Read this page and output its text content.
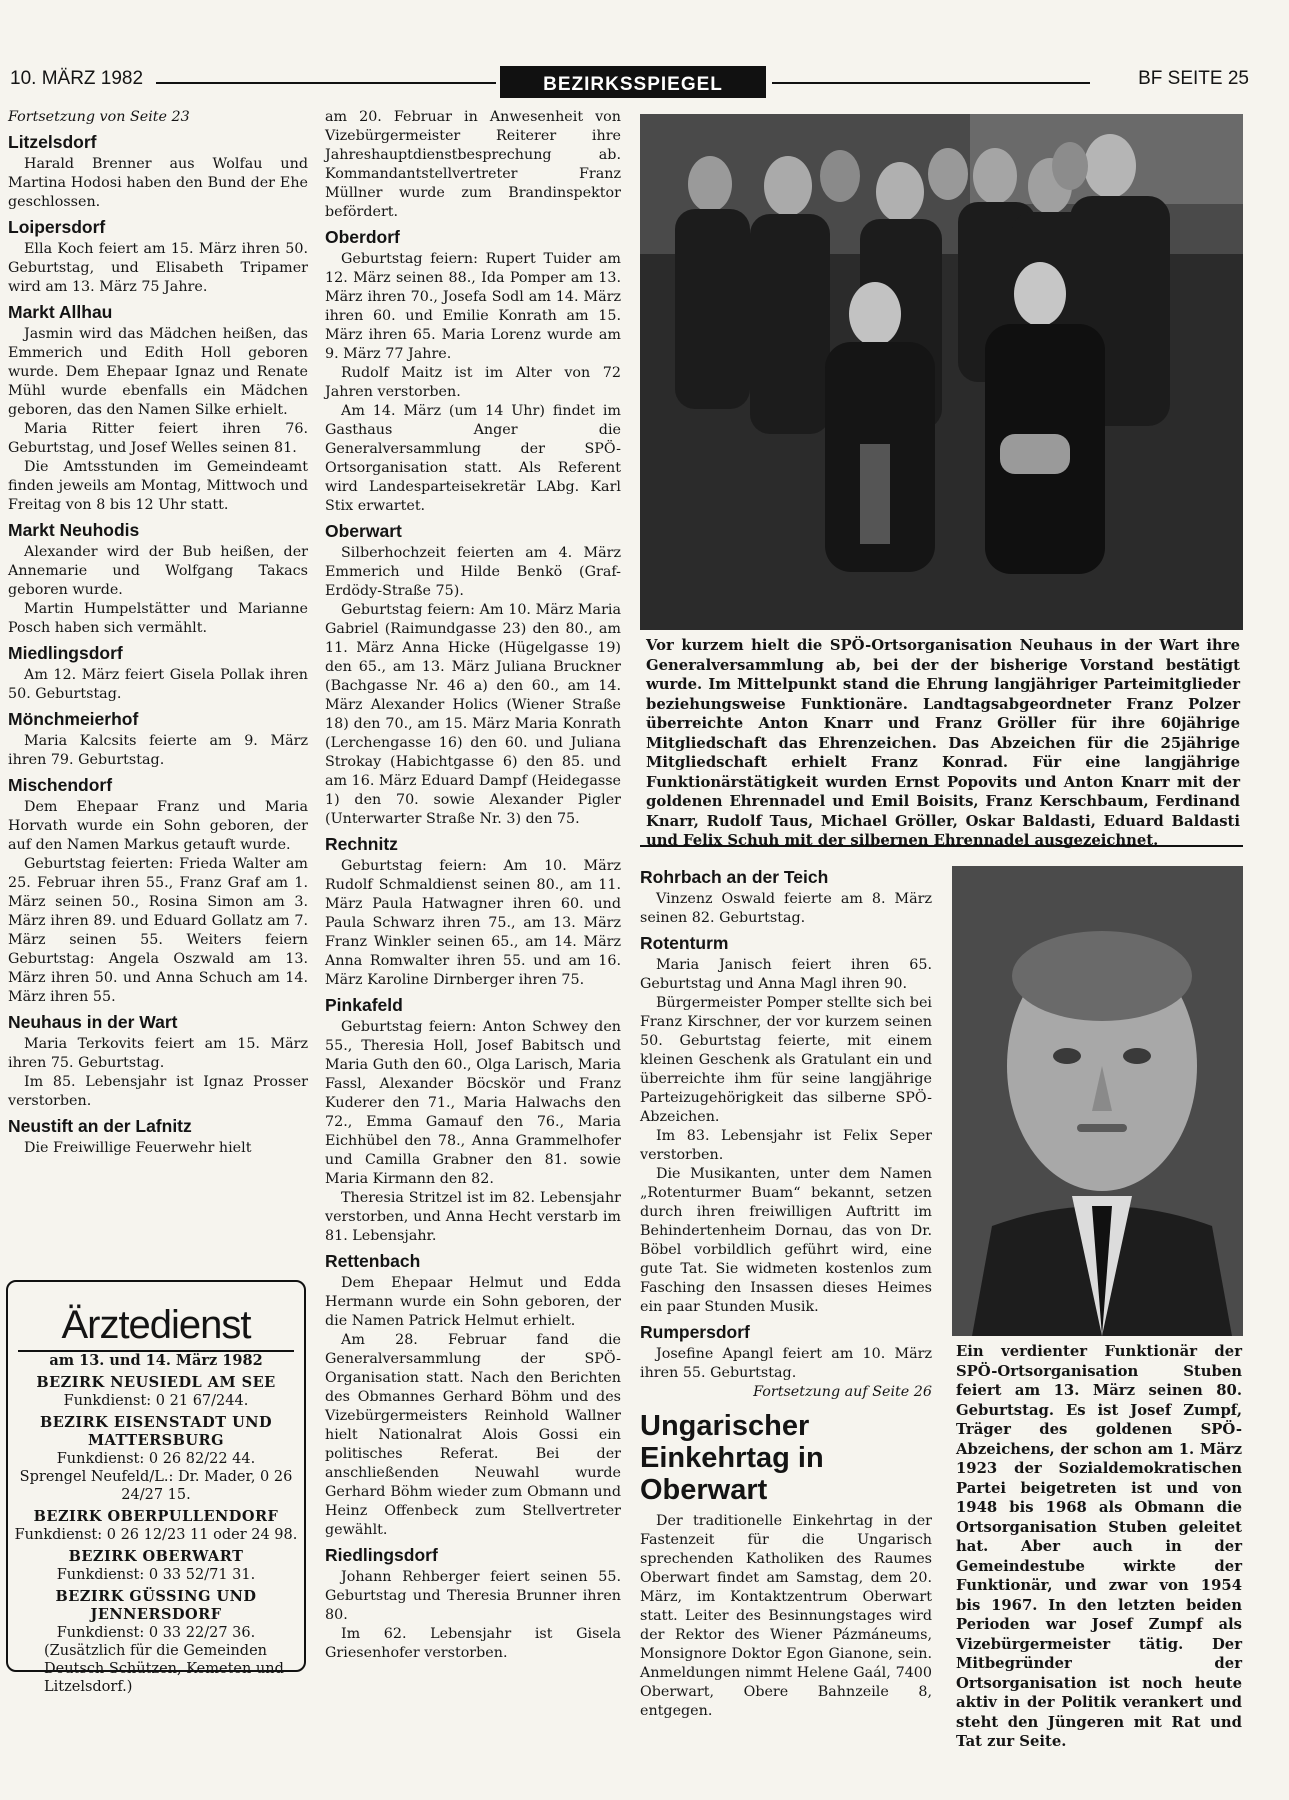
10. MÄRZ 1982	BEZIRKSSPIEGEL	BF SEITE 25

Fortsetzung von Seite 23

Litzelsdorf

Harald Brenner aus Wolfau und Martina Hodosi haben den Bund der Ehe geschlossen.

Loipersdorf

Ella Koch feiert am 15. März ihren 50. Geburtstag, und Elisabeth Tripamer wird am 13. März 75 Jahre.

Markt Allhau

Jasmin wird das Mädchen heißen, das Emmerich und Edith Holl geboren wurde. Dem Ehepaar Ignaz und Renate Mühl wurde ebenfalls ein Mädchen geboren, das den Namen Silke erhielt.

Maria Ritter feiert ihren 76. Geburtstag, und Josef Welles seinen 81.

Die Amtsstunden im Gemeindeamt finden jeweils am Montag, Mittwoch und Freitag von 8 bis 12 Uhr statt.

Markt Neuhodis

Alexander wird der Bub heißen, der Annemarie und Wolfgang Takacs geboren wurde.

Martin Humpelstätter und Marianne Posch haben sich vermählt.

Miedlingsdorf

Am 12. März feiert Gisela Pollak ihren 50. Geburtstag.

Mönchmeierhof

Maria Kalcsits feierte am 9. März ihren 79. Geburtstag.

Mischendorf

Dem Ehepaar Franz und Maria Horvath wurde ein Sohn geboren, der auf den Namen Markus getauft wurde.

Geburtstag feierten: Frieda Walter am 25. Februar ihren 55., Franz Graf am 1. März seinen 50., Rosina Simon am 3. März ihren 89. und Eduard Gollatz am 7. März seinen 55. Weiters feiern Geburtstag: Angela Oszwald am 13. März ihren 50. und Anna Schuch am 14. März ihren 55.

Neuhaus in der Wart

Maria Terkovits feiert am 15. März ihren 75. Geburtstag.

Im 85. Lebensjahr ist Ignaz Prosser verstorben.

Neustift an der Lafnitz

Die Freiwillige Feuerwehr hielt

am 20. Februar in Anwesenheit von Vizebürgermeister Reiterer ihre Jahreshauptdienstbesprechung ab. Kommandantstellvertreter Franz Müllner wurde zum Brandinspektor befördert.

Oberdorf

Geburtstag feiern: Rupert Tuider am 12. März seinen 88., Ida Pomper am 13. März ihren 70., Josefa Sodl am 14. März ihren 60. und Emilie Konrath am 15. März ihren 65. Maria Lorenz wurde am 9. März 77 Jahre.

Rudolf Maitz ist im Alter von 72 Jahren verstorben.

Am 14. März (um 14 Uhr) findet im Gasthaus Anger die Generalversammlung der SPÖ-Ortsorganisation statt. Als Referent wird Landesparteisekretär LAbg. Karl Stix erwartet.

Oberwart

Silberhochzeit feierten am 4. März Emmerich und Hilde Benkö (Graf-Erdödy-Straße 75).

Geburtstag feiern: Am 10. März Maria Gabriel (Raimundgasse 23) den 80., am 11. März Anna Hicke (Hügelgasse 19) den 65., am 13. März Juliana Bruckner (Bachgasse Nr. 46 a) den 60., am 14. März Alexander Holics (Wiener Straße 18) den 70., am 15. März Maria Konrath (Lerchengasse 16) den 60. und Juliana Strokay (Habichtgasse 6) den 85. und am 16. März Eduard Dampf (Heidegasse 1) den 70. sowie Alexander Pigler (Unterwarter Straße Nr. 3) den 75.

Rechnitz

Geburtstag feiern: Am 10. März Rudolf Schmaldienst seinen 80., am 11. März Paula Hatwagner ihren 60. und Paula Schwarz ihren 75., am 13. März Franz Winkler seinen 65., am 14. März Anna Romwalter ihren 55. und am 16. März Karoline Dirnberger ihren 75.

Pinkafeld

Geburtstag feiern: Anton Schwey den 55., Theresia Holl, Josef Babitsch und Maria Guth den 60., Olga Larisch, Maria Fassl, Alexander Böcskör und Franz Kuderer den 71., Maria Halwachs den 72., Emma Gamauf den 76., Maria Eichhübel den 78., Anna Grammelhofer und Camilla Grabner den 81. sowie Maria Kirmann den 82.

Theresia Stritzel ist im 82. Lebensjahr verstorben, und Anna Hecht verstarb im 81. Lebensjahr.

Rettenbach

Dem Ehepaar Helmut und Edda Hermann wurde ein Sohn geboren, der die Namen Patrick Helmut erhielt.

Am 28. Februar fand die Generalversammlung der SPÖ-Organisation statt. Nach den Berichten des Obmannes Gerhard Böhm und des Vizebürgermeisters Reinhold Wallner hielt Nationalrat Alois Gossi ein politisches Referat. Bei der anschließenden Neuwahl wurde Gerhard Böhm wieder zum Obmann und Heinz Offenbeck zum Stellvertreter gewählt.

Riedlingsdorf

Johann Rehberger feiert seinen 55. Geburtstag und Theresia Brunner ihren 80.

Im 62. Lebensjahr ist Gisela Griesenhofer verstorben.

Vor kurzem hielt die SPÖ-Ortsorganisation Neuhaus in der Wart ihre Generalversammlung ab, bei der der bisherige Vorstand bestätigt wurde. Im Mittelpunkt stand die Ehrung langjähriger Parteimitglieder beziehungsweise Funktionäre. Landtagsabgeordneter Franz Polzer überreichte Anton Knarr und Franz Gröller für ihre 60jährige Mitgliedschaft das Ehrenzeichen. Das Abzeichen für die 25jährige Mitgliedschaft erhielt Franz Konrad. Für eine langjährige Funktionärstätigkeit wurden Ernst Popovits und Anton Knarr mit der goldenen Ehrennadel und Emil Boisits, Franz Kerschbaum, Ferdinand Knarr, Rudolf Taus, Michael Gröller, Oskar Baldasti, Eduard Baldasti und Felix Schuh mit der silbernen Ehrennadel ausgezeichnet.
Rohrbach an der Teich

Vinzenz Oswald feierte am 8. März seinen 82. Geburtstag.

Rotenturm

Maria Janisch feiert ihren 65. Geburtstag und Anna Magl ihren 90.

Bürgermeister Pomper stellte sich bei Franz Kirschner, der vor kurzem seinen 50. Geburtstag feierte, mit einem kleinen Geschenk als Gratulant ein und überreichte ihm für seine langjährige Parteizugehörigkeit das silberne SPÖ-Abzeichen.

Im 83. Lebensjahr ist Felix Seper verstorben.

Die Musikanten, unter dem Namen „Rotenturmer Buam“ bekannt, setzen durch ihren freiwilligen Auftritt im Behindertenheim Dornau, das von Dr. Böbel vorbildlich geführt wird, eine gute Tat. Sie widmeten kostenlos zum Fasching den Insassen dieses Heimes ein paar Stunden Musik.

Rumpersdorf

Josefine Apangl feiert am 10. März ihren 55. Geburtstag.

Fortsetzung auf Seite 26

Ungarischer Einkehrtag in Oberwart

Der traditionelle Einkehrtag in der Fastenzeit für die Ungarisch sprechenden Katholiken des Raumes Oberwart findet am Samstag, dem 20. März, im Kontaktzentrum Oberwart statt. Leiter des Besinnungstages wird der Rektor des Wiener Pázmáneums, Monsignore Doktor Egon Gianone, sein. Anmeldungen nimmt Helene Gaál, 7400 Oberwart, Obere Bahnzeile 8, entgegen.

Ein verdienter Funktionär der SPÖ-Ortsorganisation Stuben feiert am 13. März seinen 80. Geburtstag. Es ist Josef Zumpf, Träger des goldenen SPÖ-Abzeichens, der schon am 1. März 1923 der Sozialdemokratischen Partei beigetreten ist und von 1948 bis 1968 als Obmann die Ortsorganisation Stuben geleitet hat. Aber auch in der Gemeindestube wirkte der Funktionär, und zwar von 1954 bis 1967. In den letzten beiden Perioden war Josef Zumpf als Vizebürgermeister tätig. Der Mitbegründer der Ortsorganisation ist noch heute aktiv in der Politik verankert und steht den Jüngeren mit Rat und Tat zur Seite.
Ärztedienst
am 13. und 14. März 1982
BEZIRK NEUSIEDL AM SEE
Funkdienst: 0 21 67/244.
BEZIRK EISENSTADT UND MATTERSBURG
Funkdienst: 0 26 82/22 44.
Sprengel Neufeld/L.: Dr. Mader, 0 26 24/27 15.
BEZIRK OBERPULLENDORF
Funkdienst: 0 26 12/23 11 oder 24 98.
BEZIRK OBERWART
Funkdienst: 0 33 52/71 31.
BEZIRK GÜSSING UND JENNERSDORF
Funkdienst: 0 33 22/27 36.
(Zusätzlich für die Gemeinden Deutsch Schützen, Kemeten und Litzelsdorf.)
